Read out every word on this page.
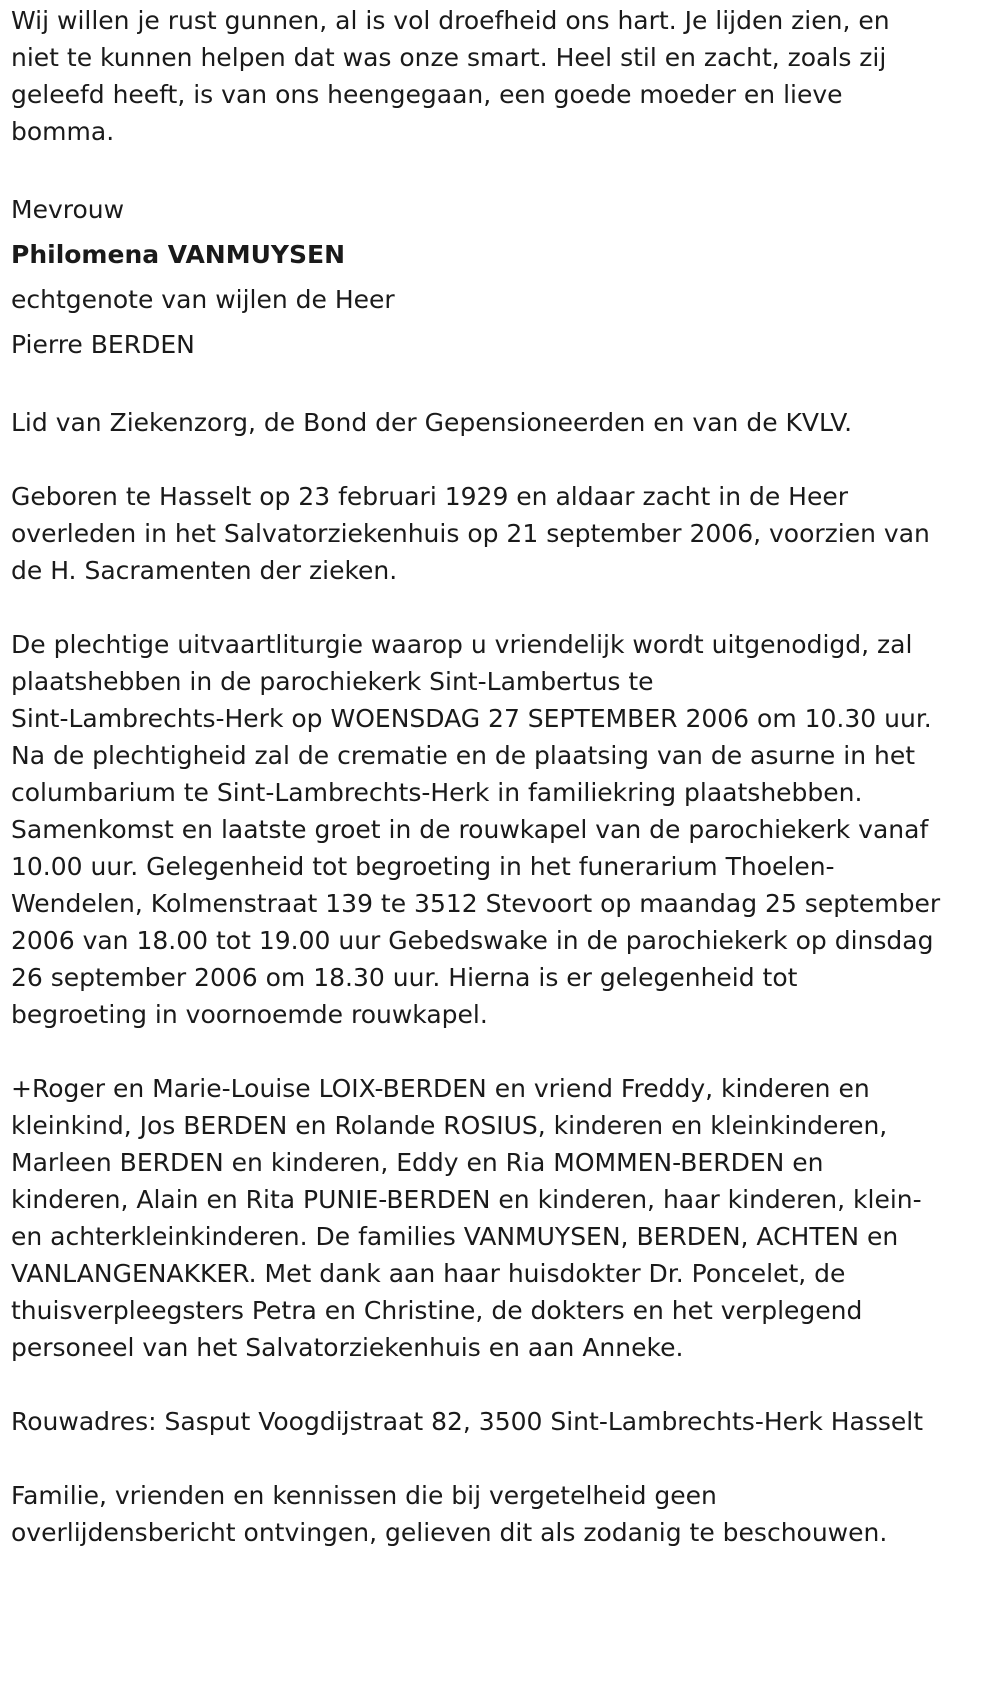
Wij willen je rust gunnen, al is vol droefheid ons hart. Je lijden zien, en
niet te kunnen helpen dat was onze smart. Heel stil en zacht, zoals zij
geleefd heeft, is van ons heengegaan, een goede moeder en lieve
bomma.

Mevrouw
Philomena VANMUYSEN
echtgenote van wijlen de Heer
Pierre BERDEN

Lid van Ziekenzorg, de Bond der Gepensioneerden en van de KVLV.

Geboren te Hasselt op 23 februari 1929 en aldaar zacht in de Heer
overleden in het Salvatorziekenhuis op 21 september 2006, voorzien van
de H. Sacramenten der zieken.

De plechtige uitvaartliturgie waarop u vriendelijk wordt uitgenodigd, zal
plaatshebben in de parochiekerk Sint-Lambertus te
Sint-Lambrechts-Herk op WOENSDAG 27 SEPTEMBER 2006 om 10.30 uur.
Na de plechtigheid zal de crematie en de plaatsing van de asurne in het
columbarium te Sint-Lambrechts-Herk in familiekring plaatshebben.
Samenkomst en laatste groet in de rouwkapel van de parochiekerk vanaf
10.00 uur. Gelegenheid tot begroeting in het funerarium Thoelen-
Wendelen, Kolmenstraat 139 te 3512 Stevoort op maandag 25 september
2006 van 18.00 tot 19.00 uur Gebedswake in de parochiekerk op dinsdag
26 september 2006 om 18.30 uur. Hierna is er gelegenheid tot
begroeting in voornoemde rouwkapel.

+Roger en Marie-Louise LOIX-BERDEN en vriend Freddy, kinderen en
kleinkind, Jos BERDEN en Rolande ROSIUS, kinderen en kleinkinderen,
Marleen BERDEN en kinderen, Eddy en Ria MOMMEN-BERDEN en
kinderen, Alain en Rita PUNIE-BERDEN en kinderen, haar kinderen, klein-
en achterkleinkinderen. De families VANMUYSEN, BERDEN, ACHTEN en
VANLANGENAKKER. Met dank aan haar huisdokter Dr. Poncelet, de
thuisverpleegsters Petra en Christine, de dokters en het verplegend
personeel van het Salvatorziekenhuis en aan Anneke.

Rouwadres: Sasput Voogdijstraat 82, 3500 Sint-Lambrechts-Herk Hasselt

Familie, vrienden en kennissen die bij vergetelheid geen
overlijdensbericht ontvingen, gelieven dit als zodanig te beschouwen.
